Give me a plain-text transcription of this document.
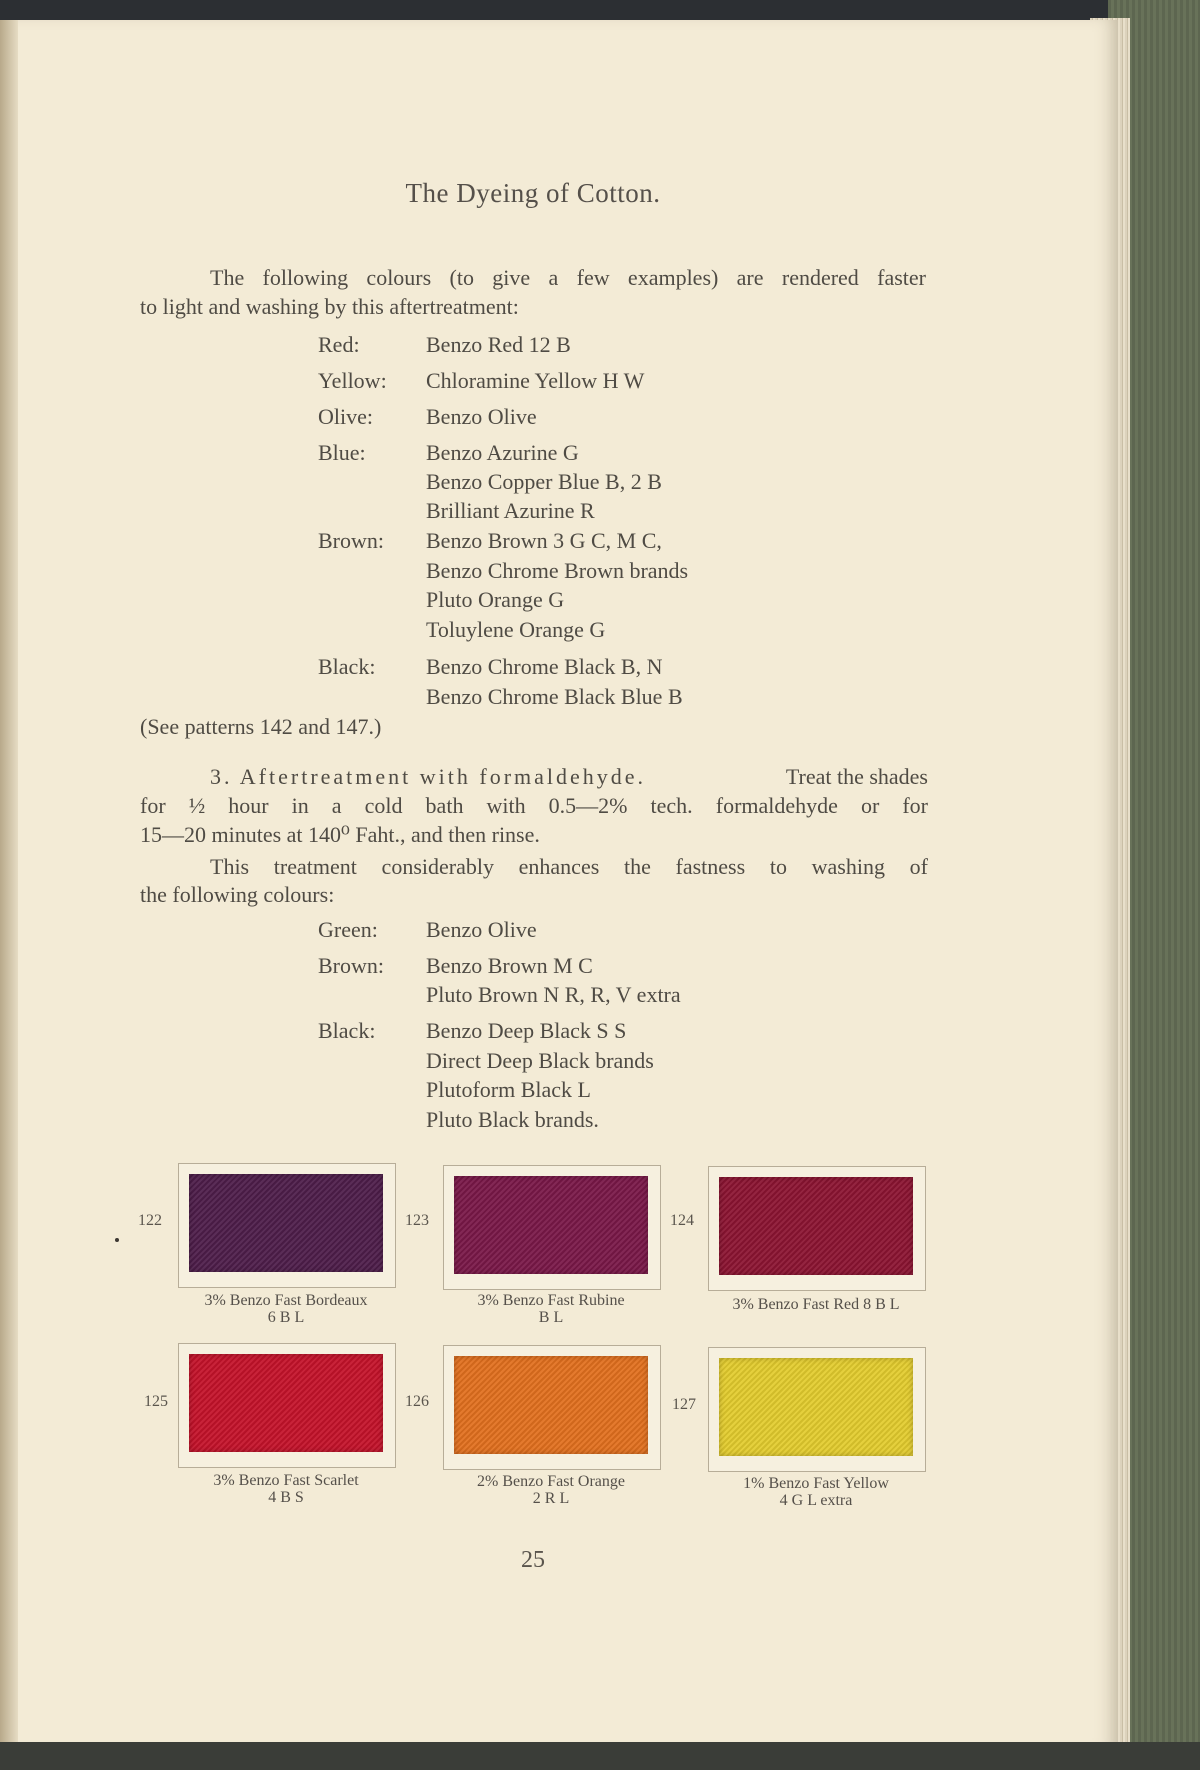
The Dyeing of Cotton.
The following colours (to give a few examples) are rendered faster
to light and washing by this aftertreatment:
Red:	Benzo Red 12 B
Yellow: Chloramine Yellow H W
Olive: Benzo Olive
Blue:	Benzo Azurine G
Benzo Copper Blue B, 2 B
Brilliant Azurine R
Brown: Benzo Brown 3 G C, M C,
Benzo Chrome Brown brands
Pluto Orange G
Toluylene Orange G
Black: Benzo Chrome Black B, N
Benzo Chrome Black Blue B
(See patterns 142 and 147.)
3. Aftertreatment with formaldehyde.	Treat the shades
for ½ hour in a cold bath with 0.5—2% tech. formaldehyde or for
15—20 minutes at 140⁰ Faht., and then rinse.
This treatment considerably enhances the fastness to washing of
the following colours:
Green: Benzo Olive
Brown: Benzo Brown M C
Pluto Brown N R, R, V extra
Black: Benzo Deep Black S S
Direct Deep Black brands
Plutoform Black L
Pluto Black brands.
122
3% Benzo Fast Bordeaux
6 B L
123
3% Benzo Fast Rubine
B L
124
3% Benzo Fast Red 8 B L
125
3% Benzo Fast Scarlet
4 B S
126
2% Benzo Fast Orange
2 R L
127
1% Benzo Fast Yellow
4 G L extra
25
